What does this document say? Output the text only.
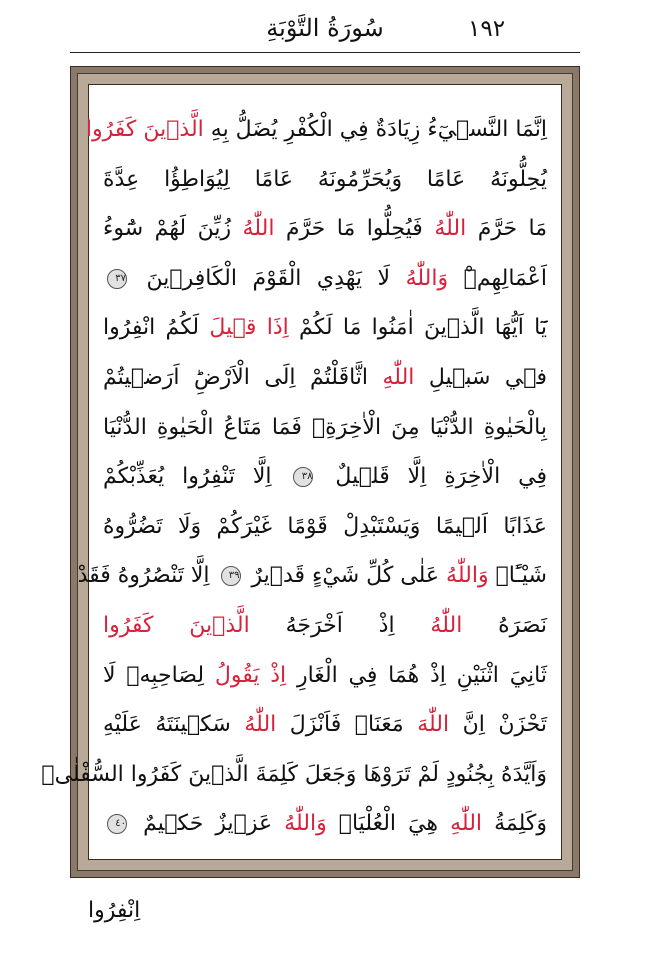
سُورَةُ التَّوْبَةِ	١٩٢
اِنَّمَا النَّسٖيٓءُ زِيَادَةٌ فِي الْكُفْرِ يُضَلُّ بِهِ الَّذٖينَ كَفَرُوا
يُحِلُّونَهُ عَامًا وَيُحَرِّمُونَهُ عَامًا لِيُوَاطِؤُا عِدَّةَ
مَا حَرَّمَ اللّٰهُ فَيُحِلُّوا مَا حَرَّمَ اللّٰهُ زُيِّنَ لَهُمْ سُٓوءُ
اَعْمَالِهِمْۜ وَاللّٰهُ لَا يَهْدِي الْقَوْمَ الْكَافِرٖينَ ٣٧
يَٓا اَيُّهَا الَّذٖينَ اٰمَنُوا مَا لَكُمْ اِذَا قٖيلَ لَكُمُ انْفِرُوا
فٖي سَبٖيلِ اللّٰهِ اثَّاقَلْتُمْ اِلَى الْاَرْضِؕ اَرَضٖيتُمْ
بِالْحَيٰوةِ الدُّنْيَا مِنَ الْاٰخِرَةِۚ فَمَا مَتَاعُ الْحَيٰوةِ الدُّنْيَا
فِي الْاٰخِرَةِ اِلَّا قَلٖيلٌ ٣٨ اِلَّا تَنْفِرُوا يُعَذِّبْكُمْ
عَذَابًا اَلٖيمًا وَيَسْتَبْدِلْ قَوْمًا غَيْرَكُمْ وَلَا تَضُرُّوهُ
شَيْـًٔاۜ وَاللّٰهُ عَلٰى كُلِّ شَيْءٍ قَدٖيرٌ ٣٩ اِلَّا تَنْصُرُوهُ فَقَدْ
نَصَرَهُ اللّٰهُ اِذْ اَخْرَجَهُ الَّذٖينَ كَفَرُوا
ثَانِيَ اثْنَيْنِ اِذْ هُمَا فِي الْغَارِ اِذْ يَقُولُ لِصَاحِبِهٖ لَا
تَحْزَنْ اِنَّ اللّٰهَ مَعَنَاۚ فَاَنْزَلَ اللّٰهُ سَكٖينَتَهُ عَلَيْهِ
وَاَيَّدَهُ بِجُنُودٍ لَمْ تَرَوْهَا وَجَعَلَ كَلِمَةَ الَّذٖينَ كَفَرُوا السُّفْلٰىۜ
وَكَلِمَةُ اللّٰهِ هِيَ الْعُلْيَاۜ وَاللّٰهُ عَزٖيزٌ حَكٖيمٌ ٤٠
اِنْفِرُوا
